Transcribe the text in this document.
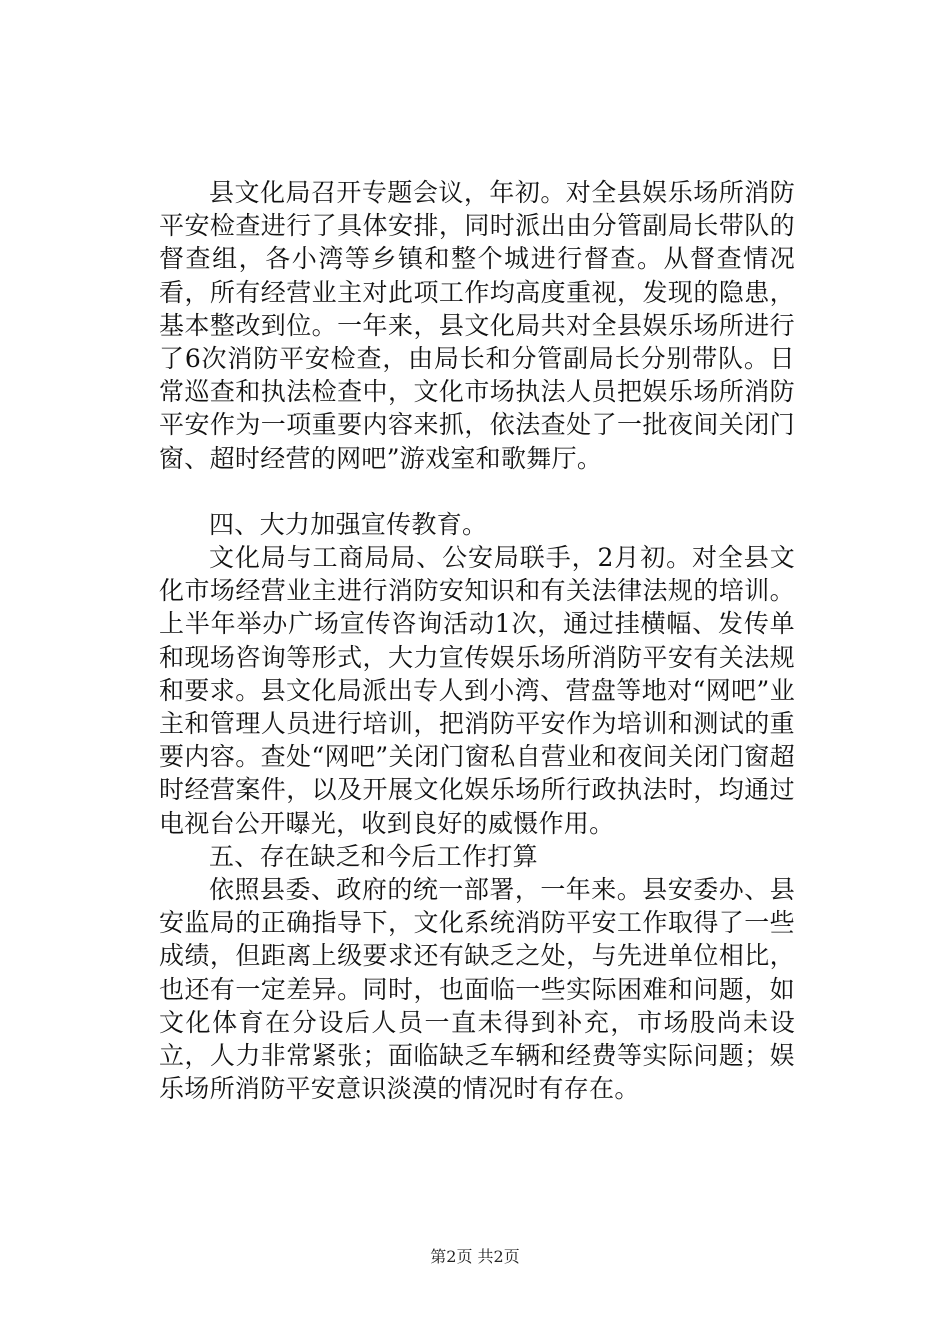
县文化局召开专题会议，年初。对全县娱乐场所消防平安检查进行了具体安排，同时派出由分管副局长带队的督查组，各小湾等乡镇和整个城进行督查。从督查情况看，所有经营业主对此项工作均高度重视，发现的隐患，基本整改到位。一年来，县文化局共对全县娱乐场所进行了6次消防平安检查，由局长和分管副局长分别带队。日常巡查和执法检查中，文化市场执法人员把娱乐场所消防平安作为一项重要内容来抓，依法查处了一批夜间关闭门窗、超时经营的网吧”游戏室和歌舞厅。

四、大力加强宣传教育。

文化局与工商局局、公安局联手，2月初。对全县文化市场经营业主进行消防安知识和有关法律法规的培训。上半年举办广场宣传咨询活动1次，通过挂横幅、发传单和现场咨询等形式，大力宣传娱乐场所消防平安有关法规和要求。县文化局派出专人到小湾、营盘等地对“网吧”业主和管理人员进行培训，把消防平安作为培训和测试的重要内容。查处“网吧”关闭门窗私自营业和夜间关闭门窗超时经营案件，以及开展文化娱乐场所行政执法时，均通过电视台公开曝光，收到良好的威慑作用。

五、存在缺乏和今后工作打算

依照县委、政府的统一部署，一年来。县安委办、县安监局的正确指导下，文化系统消防平安工作取得了一些成绩，但距离上级要求还有缺乏之处，与先进单位相比，也还有一定差异。同时，也面临一些实际困难和问题，如文化体育在分设后人员一直未得到补充，市场股尚未设立，人力非常紧张；面临缺乏车辆和经费等实际问题；娱乐场所消防平安意识淡漠的情况时有存在。

第2页 共2页
